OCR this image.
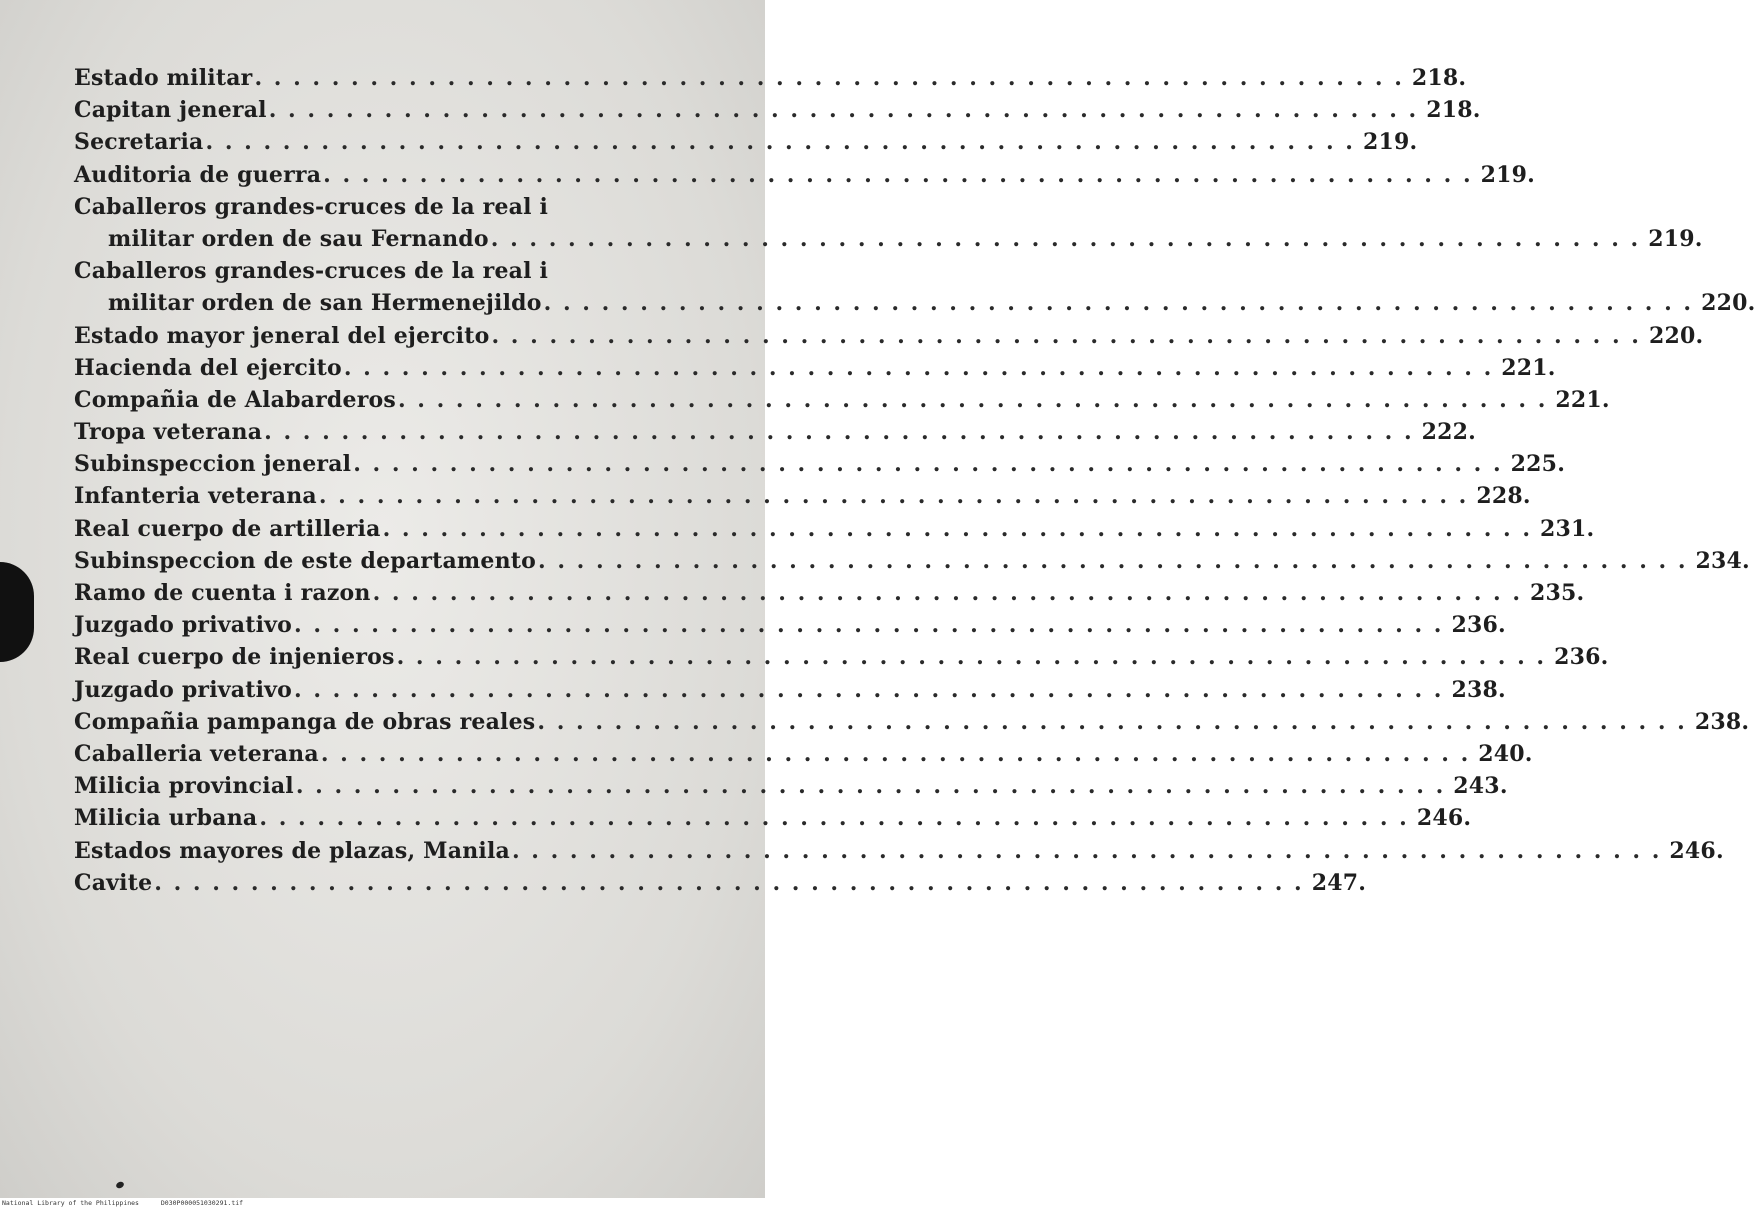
Estado militar . . . . . . . . . . . . . . . . . . . . . . . . . . . . . . . . . . . . . . . . . . . . . . . . . . . . . . . . . . . . 218.
Capitan jeneral . . . . . . . . . . . . . . . . . . . . . . . . . . . . . . . . . . . . . . . . . . . . . . . . . . . . . . . . . . . . 218.
Secretaria . . . . . . . . . . . . . . . . . . . . . . . . . . . . . . . . . . . . . . . . . . . . . . . . . . . . . . . . . . . . 219.
Auditoria de guerra . . . . . . . . . . . . . . . . . . . . . . . . . . . . . . . . . . . . . . . . . . . . . . . . . . . . . . . . . . . . 219.
Caballeros grandes-cruces de la real i
militar orden de sau Fernando . . . . . . . . . . . . . . . . . . . . . . . . . . . . . . . . . . . . . . . . . . . . . . . . . . . . . . . . . . . . 219.
Caballeros grandes-cruces de la real i
militar orden de san Hermenejildo . . . . . . . . . . . . . . . . . . . . . . . . . . . . . . . . . . . . . . . . . . . . . . . . . . . . . . . . . . . . 220.
Estado mayor jeneral del ejercito . . . . . . . . . . . . . . . . . . . . . . . . . . . . . . . . . . . . . . . . . . . . . . . . . . . . . . . . . . . . 220.
Hacienda del ejercito . . . . . . . . . . . . . . . . . . . . . . . . . . . . . . . . . . . . . . . . . . . . . . . . . . . . . . . . . . . . 221.
Compañia de Alabarderos . . . . . . . . . . . . . . . . . . . . . . . . . . . . . . . . . . . . . . . . . . . . . . . . . . . . . . . . . . . . 221.
Tropa veterana . . . . . . . . . . . . . . . . . . . . . . . . . . . . . . . . . . . . . . . . . . . . . . . . . . . . . . . . . . . . 222.
Subinspeccion jeneral . . . . . . . . . . . . . . . . . . . . . . . . . . . . . . . . . . . . . . . . . . . . . . . . . . . . . . . . . . . . 225.
Infanteria veterana . . . . . . . . . . . . . . . . . . . . . . . . . . . . . . . . . . . . . . . . . . . . . . . . . . . . . . . . . . . . 228.
Real cuerpo de artilleria . . . . . . . . . . . . . . . . . . . . . . . . . . . . . . . . . . . . . . . . . . . . . . . . . . . . . . . . . . . . 231.
Subinspeccion de este departamento . . . . . . . . . . . . . . . . . . . . . . . . . . . . . . . . . . . . . . . . . . . . . . . . . . . . . . . . . . . . 234.
Ramo de cuenta i razon . . . . . . . . . . . . . . . . . . . . . . . . . . . . . . . . . . . . . . . . . . . . . . . . . . . . . . . . . . . . 235.
Juzgado privativo . . . . . . . . . . . . . . . . . . . . . . . . . . . . . . . . . . . . . . . . . . . . . . . . . . . . . . . . . . . . 236.
Real cuerpo de injenieros . . . . . . . . . . . . . . . . . . . . . . . . . . . . . . . . . . . . . . . . . . . . . . . . . . . . . . . . . . . . 236.
Juzgado privativo . . . . . . . . . . . . . . . . . . . . . . . . . . . . . . . . . . . . . . . . . . . . . . . . . . . . . . . . . . . . 238.
Compañia pampanga de obras reales . . . . . . . . . . . . . . . . . . . . . . . . . . . . . . . . . . . . . . . . . . . . . . . . . . . . . . . . . . . . 238.
Caballeria veterana . . . . . . . . . . . . . . . . . . . . . . . . . . . . . . . . . . . . . . . . . . . . . . . . . . . . . . . . . . . . 240.
Milicia provincial . . . . . . . . . . . . . . . . . . . . . . . . . . . . . . . . . . . . . . . . . . . . . . . . . . . . . . . . . . . . 243.
Milicia urbana . . . . . . . . . . . . . . . . . . . . . . . . . . . . . . . . . . . . . . . . . . . . . . . . . . . . . . . . . . . . 246.
Estados mayores de plazas, Manila . . . . . . . . . . . . . . . . . . . . . . . . . . . . . . . . . . . . . . . . . . . . . . . . . . . . . . . . . . . . 246.
Cavite . . . . . . . . . . . . . . . . . . . . . . . . . . . . . . . . . . . . . . . . . . . . . . . . . . . . . . . . . . . . 247.
National Library of the Philippines	D030P000051030291.tif
